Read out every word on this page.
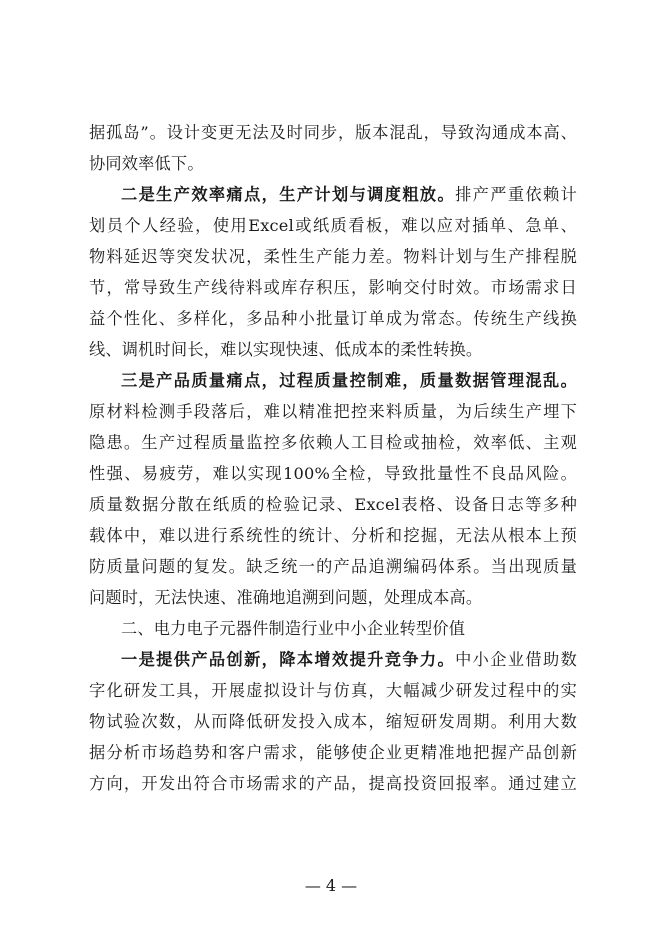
据孤岛”。设计变更无法及时同步，版本混乱，导致沟通成本高、
协同效率低下。
二是生产效率痛点，生产计划与调度粗放。排产严重依赖计
划员个人经验，使用Excel或纸质看板，难以应对插单、急单、
物料延迟等突发状况，柔性生产能力差。物料计划与生产排程脱
节，常导致生产线待料或库存积压，影响交付时效。市场需求日
益个性化、多样化，多品种小批量订单成为常态。传统生产线换
线、调机时间长，难以实现快速、低成本的柔性转换。
三是产品质量痛点，过程质量控制难，质量数据管理混乱。
原材料检测手段落后，难以精准把控来料质量，为后续生产埋下
隐患。生产过程质量监控多依赖人工目检或抽检，效率低、主观
性强、易疲劳，难以实现100%全检，导致批量性不良品风险。
质量数据分散在纸质的检验记录、Excel表格、设备日志等多种
载体中，难以进行系统性的统计、分析和挖掘，无法从根本上预
防质量问题的复发。缺乏统一的产品追溯编码体系。当出现质量
问题时，无法快速、准确地追溯到问题，处理成本高。
二、电力电子元器件制造行业中小企业转型价值
一是提供产品创新，降本增效提升竞争力。中小企业借助数
字化研发工具，开展虚拟设计与仿真，大幅减少研发过程中的实
物试验次数，从而降低研发投入成本，缩短研发周期。利用大数
据分析市场趋势和客户需求，能够使企业更精准地把握产品创新
方向，开发出符合市场需求的产品，提高投资回报率。通过建立
— 4 —
